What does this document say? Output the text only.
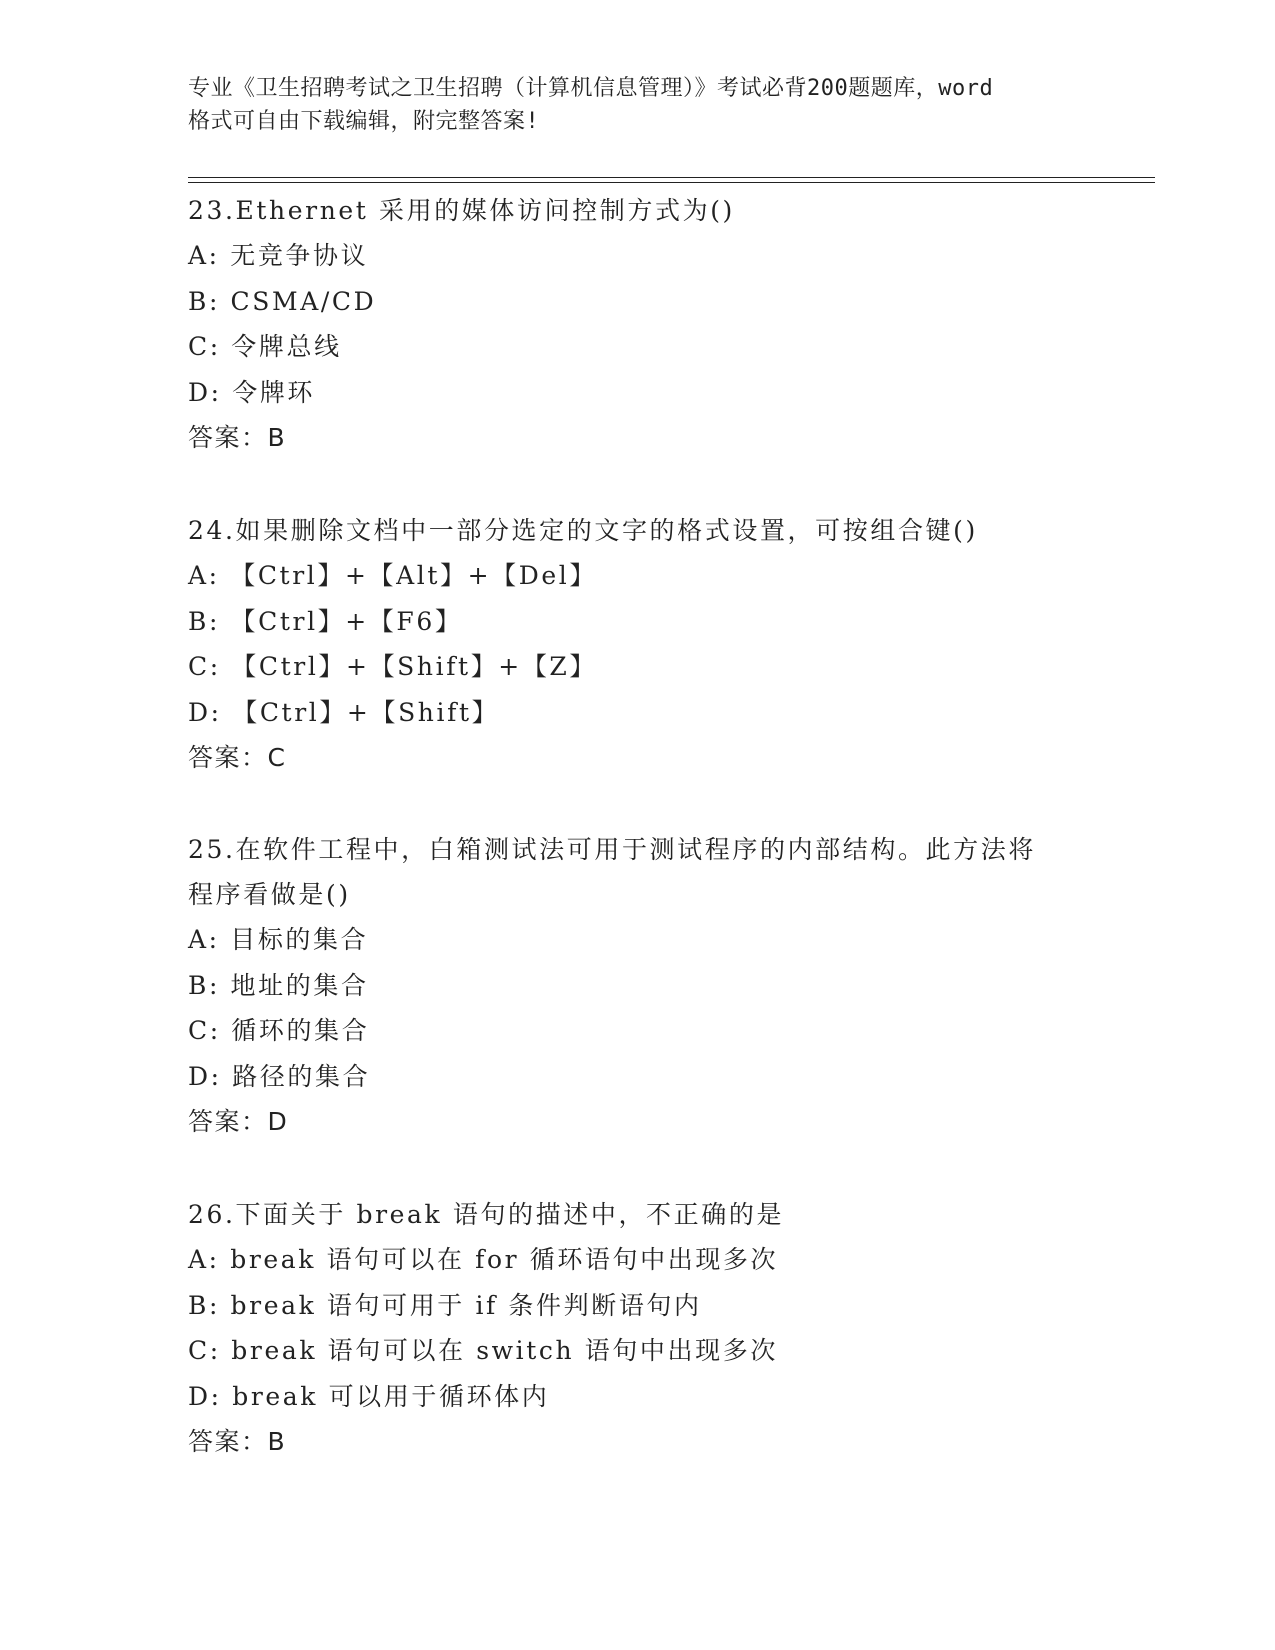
专业《卫生招聘考试之卫生招聘（计算机信息管理）》考试必背200题题库，word
格式可自由下载编辑，附完整答案!
23.Ethernet 采用的媒体访问控制方式为()
A: 无竞争协议
B: CSMA/CD
C: 令牌总线
D: 令牌环
答案：B
24.如果删除文档中一部分选定的文字的格式设置，可按组合键()
A: 【Ctrl】+【Alt】+【Del】
B: 【Ctrl】+【F6】
C: 【Ctrl】+【Shift】+【Z】
D: 【Ctrl】+【Shift】
答案：C
25.在软件工程中，白箱测试法可用于测试程序的内部结构。此方法将
程序看做是()
A: 目标的集合
B: 地址的集合
C: 循环的集合
D: 路径的集合
答案：D
26.下面关于 break 语句的描述中，不正确的是
A: break 语句可以在 for 循环语句中出现多次
B: break 语句可用于 if 条件判断语句内
C: break 语句可以在 switch 语句中出现多次
D: break 可以用于循环体内
答案：B
